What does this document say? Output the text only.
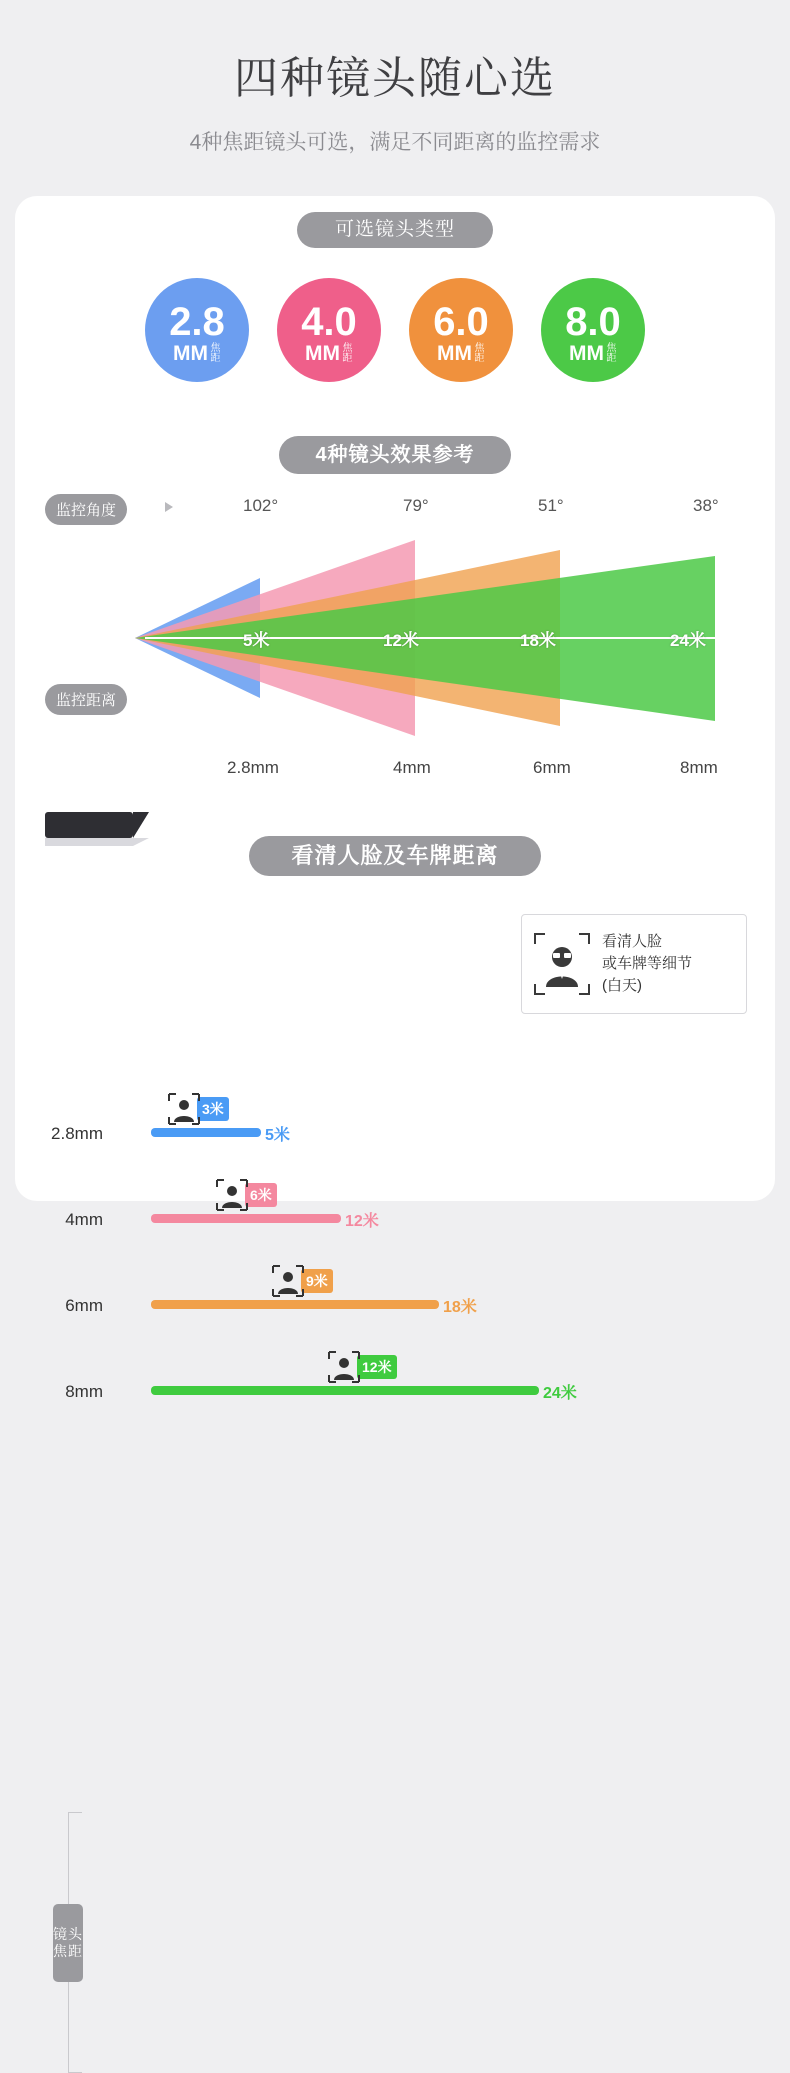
四种镜头随心选
4种焦距镜头可选，满足不同距离的监控需求
可选镜头类型
2.8
MM 焦距
4.0
MM 焦距
6.0
MM 焦距
8.0
MM 焦距
4种镜头效果参考
监控角度
监控距离
102°	79°	51°	38°
5米	12米	18米	24米
2.8mm	4mm	6mm	8mm
看清人脸及车牌距离
镜头焦距
2.8mm
3米
5米
4mm
6米
12米
6mm
9米
18米
8mm
12米
24米
看清人脸
或车牌等细节
(白天)
